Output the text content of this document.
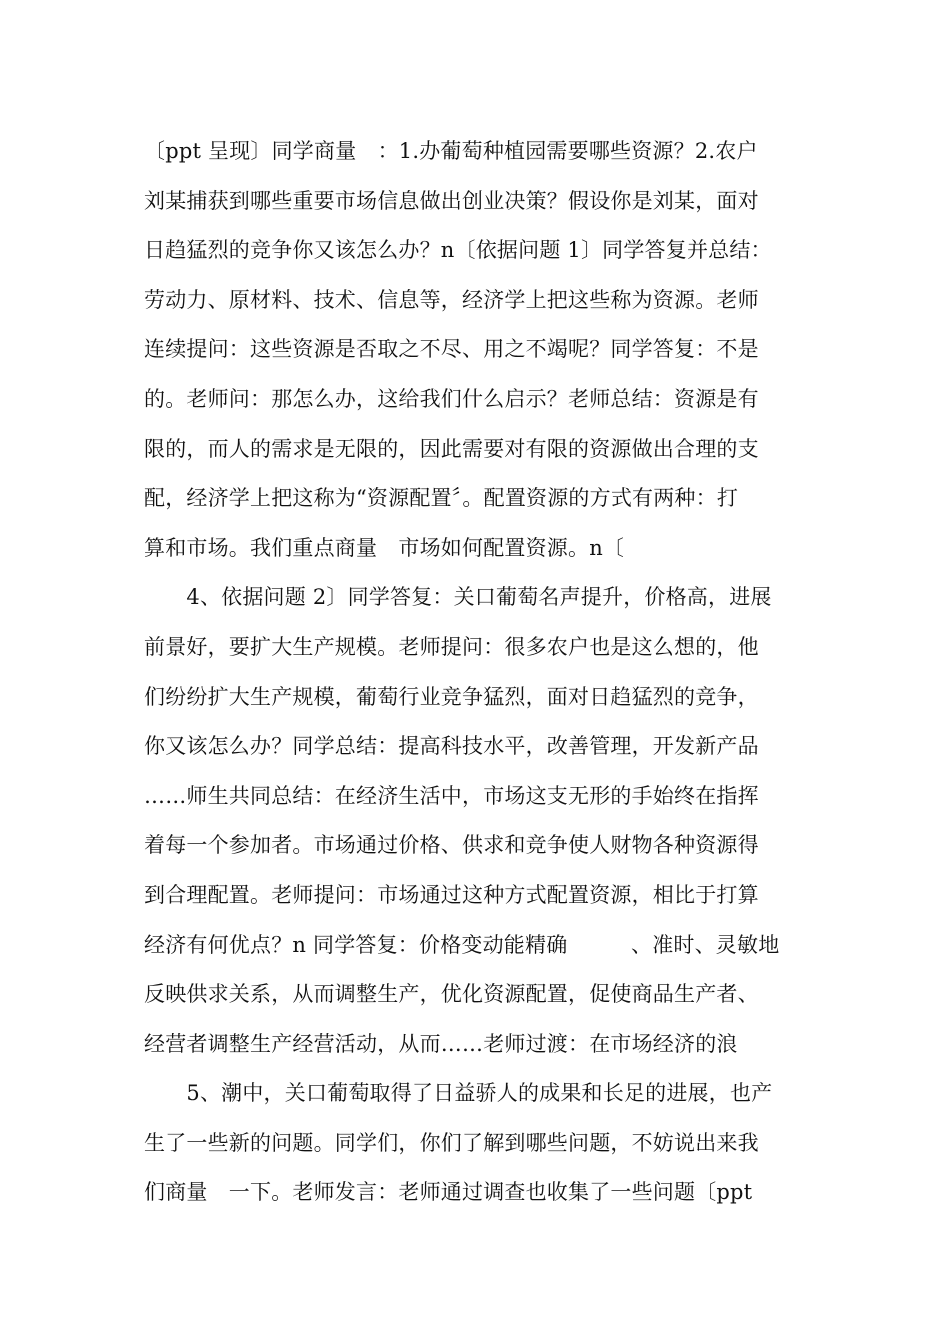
〔ppt 呈现〕同学商量　：1.办葡萄种植园需要哪些资源？2.农户
刘某捕获到哪些重要市场信息做出创业决策？假设你是刘某，面对
日趋猛烈的竞争你又该怎么办？n〔依据问题 1〕同学答复并总结：
劳动力、原材料、技术、信息等，经济学上把这些称为资源。老师
连续提问：这些资源是否取之不尽、用之不竭呢？同学答复：不是
的。老师问：那怎么办，这给我们什么启示？老师总结：资源是有
限的，而人的需求是无限的，因此需要对有限的资源做出合理的支
配，经济学上把这称为“资源配置〞。配置资源的方式有两种：打
算和市场。我们重点商量　市场如何配置资源。n〔
　　4、依据问题 2〕同学答复：关口葡萄名声提升，价格高，进展
前景好，要扩大生产规模。老师提问：很多农户也是这么想的，他
们纷纷扩大生产规模，葡萄行业竞争猛烈，面对日趋猛烈的竞争，
你又该怎么办？同学总结：提高科技水平，改善管理，开发新产品
……师生共同总结：在经济生活中，市场这支无形的手始终在指挥
着每一个参加者。市场通过价格、供求和竞争使人财物各种资源得
到合理配置。老师提问：市场通过这种方式配置资源，相比于打算
经济有何优点？n 同学答复：价格变动能精确　　　、准时、灵敏地
反映供求关系，从而调整生产，优化资源配置，促使商品生产者、
经营者调整生产经营活动，从而……老师过渡：在市场经济的浪
　　5、潮中，关口葡萄取得了日益骄人的成果和长足的进展，也产
生了一些新的问题。同学们，你们了解到哪些问题，不妨说出来我
们商量　一下。老师发言：老师通过调查也收集了一些问题〔ppt
